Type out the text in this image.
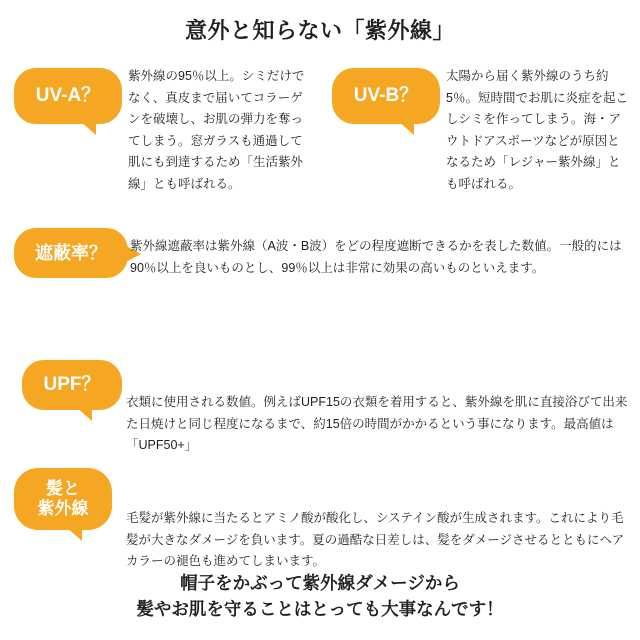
意外と知らない「紫外線」
UV-A？
紫外線の95％以上。シミだけでなく、真皮まで届いてコラーゲンを破壊し、お肌の弾力を奪ってしまう。窓ガラスも通過して肌にも到達するため「生活紫外線」とも呼ばれる。
UV-B？
太陽から届く紫外線のうち約5％。短時間でお肌に炎症を起こしシミを作ってしまう。海・アウトドアスポーツなどが原因となるため「レジャー紫外線」とも呼ばれる。
遮蔽率？ 紫外線遮蔽率は紫外線（A波・B波）をどの程度遮断できるかを表した数値。一般的には90％以上を良いものとし、99％以上は非常に効果の高いものといえます。
UPF？
衣類に使用される数値。例えばUPF15の衣類を着用すると、紫外線を肌に直接浴びて出来た日焼けと同じ程度になるまで、約15倍の時間がかかるという事になります。最高値は「UPF50+」
髪と
紫外線	毛髪が紫外線に当たるとアミノ酸が酸化し、システイン酸が生成されます。これにより毛髪が大きなダメージを負います。夏の過酷な日差しは、髪をダメージさせるとともにヘアカラーの褪色も進めてしまいます。
帽子をかぶって紫外線ダメージから
髪やお肌を守ることはとっても大事なんです！
